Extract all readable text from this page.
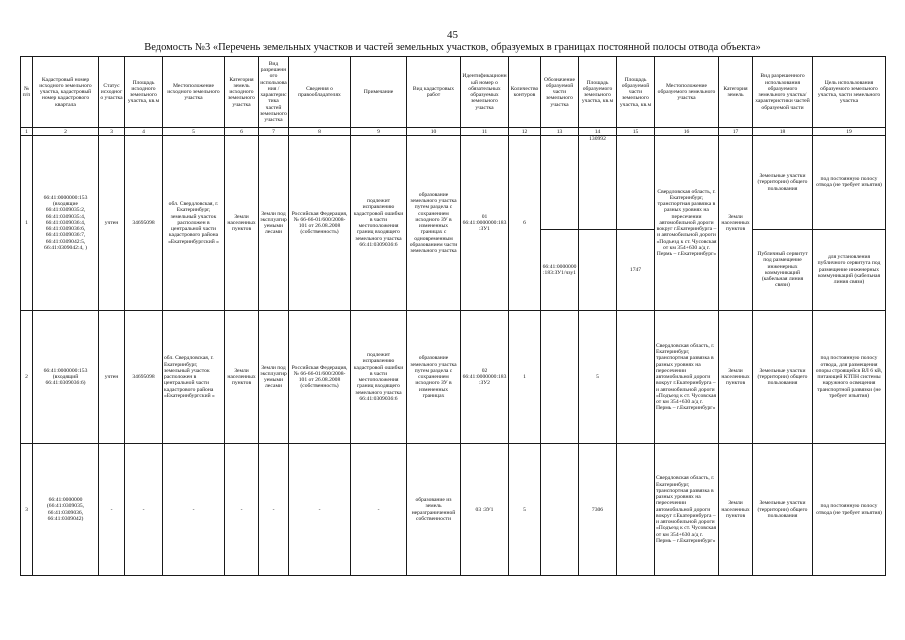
45
Ведомость №3 «Перечень земельных участков и частей земельных участков, образуемых в границах постоянной полосы отвода объекта»
№ п/п	Кадастровый номер исходного земельного участка, кадастровый номер кадастрового квартала	Статус исходного участка	Площадь исходного земельного участка, кв.м	Местоположение исходного земельного участка	Категория земель исходного земельного участка	Вид разрешенного использования /характеристика частей земельного участка	Сведения о правообладателях	Примечание	Вид кадастровых работ	Идентификационный номер о обязательных образуемых земельного участка	Количество контуров	Обозначение образуемой части земельного участка	Площадь образуемого земельного участка, кв.м	Площадь образуемой части земельного участка, кв.м	Местоположение образуемого земельного участка	Категория земель	Вид разрешенного использования образуемого земельного участка/характеристики частей образуемой части	Цель использования образуемого земельного участка, части земельного участка
1	2	3	4	5	6	7	8	9	10	11	12	13	14	15	16	17	18	19
1	66:41:0000000:153 (входящие 66:41:0309035:2, 66:41:0309035:4, 66:41:0309036:4, 66:41:0309036:6, 66:41:0309036:7, 66:41:0309042:5, 66:41:0309042:4, )	учтен	34695098	обл. Свердловская, г. Екатеринбург, земельный участок расположен в центральной части кадастрового района «Екатеринбургский »	Земли населенных пунктов	Земли под эксплуатируемыми лесами	Российская Федерация, № 66-66-01/600/2008-101 от 26.08.2008 (собственность)	подлежит исправлению кадастровой ошибки в части местоположения границ входящего земельного участка 66:41:0309036:6	образование земельного участка путем раздела с сохранением исходного ЗУ в измененных границах с одновременным образованием части земельного участка	01 66:41:0000000:183:ЗУ1	6		130992		Свердловская область, г. Екатеринбург, транспортная развязка в разных уровнях на пересечении автомобильной дороги вокруг г.Екатеринбурга – и автомобильной дороги «Подъезд к ст. Чусовская от км 354+630 а/д г. Пермь – г.Екатеринбург»	Земли населенных пунктов	Земельные участки (территории) общего пользования	под постоянную полосу отвода (не требует изъятия)
												66:41:0000000:183:ЗУ1/чзу1		1747			Публичный сервитут под размещение инженерных коммуникаций (кабельная линия связи)	для установления публичного сервитута под размещение инженерных коммуникаций (кабельная линия связи)
2	66:41:0000000:153 (входящий 66:41:0309036:6)	учтен	34695098	обл. Свердловская, г. Екатеринбург, земельный участок расположен в центральной части кадастрового района «Екатеринбургский »	Земли населенных пунктов	Земли под эксплуатируемыми лесами	Российская Федерация, № 66-66-01/600/2008-101 от 26.08.2008 (собственность)	подлежит исправлению кадастровой ошибки в части местоположения границ входящего земельного участка 66:41:0309036:6	образование земельного участка путем раздела с сохранением исходного ЗУ в измененных границах	02 66:41:0000000:183:ЗУ2	1		5		Свердловская область, г. Екатеринбург, транспортная развязка в разных уровнях на пересечении автомобильной дороги вокруг г.Екатеринбурга – и автомобильной дороги «Подъезд к ст. Чусовская от км 354+630 а/д г. Пермь – г.Екатеринбург»	Земли населенных пунктов	Земельные участки (территории) общего пользования	под постоянную полосу отвода, для размещения опоры строящейся ВЛ 6 кВ, питающей КТПН системы наружного освещения транспортной развязки (не требует изъятия)
3	66:41:0000000 (66:41:0309035, 66:41:0309036, 66:41:0309042)	-	-	-	-	-	-	-	образование из земель неразграниченной собственности	03 :ЗУ1	5		7306		Свердловская область, г. Екатеринбург, транспортная развязка в разных уровнях на пересечении автомобильной дороги вокруг г.Екатеринбурга – и автомобильной дороги «Подъезд к ст. Чусовская от км 354+630 а/д г. Пермь – г.Екатеринбург»	Земли населенных пунктов	Земельные участки (территории) общего пользования	под постоянную полосу отвода (не требует изъятия)
